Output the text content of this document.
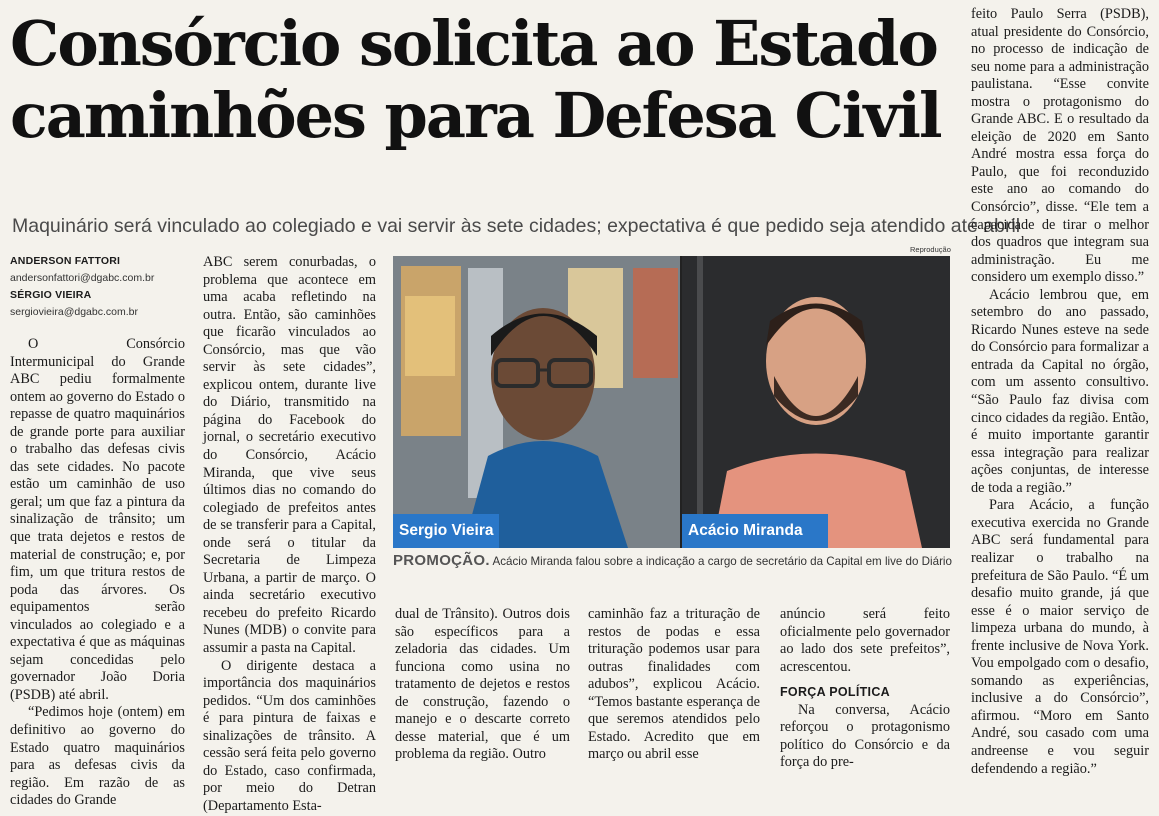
Consórcio solicita ao Estado
caminhões para Defesa Civil
Maquinário será vinculado ao colegiado e vai servir às sete cidades; expectativa é que pedido seja atendido até abril
ANDERSON FATTORI
andersonfattori@dgabc.com.br
SÉRGIO VIEIRA
sergiovieira@dgabc.com.br

O Consórcio Intermunicipal do Grande ABC pediu formalmente ontem ao governo do Estado o repasse de quatro maquinários de grande porte para auxiliar o trabalho das defesas civis das sete cidades. No pacote estão um caminhão de uso geral; um que faz a pintura da sinalização de trânsito; um que trata dejetos e restos de material de construção; e, por fim, um que tritura restos de poda das árvores. Os equipamentos serão vinculados ao colegiado e a expectativa é que as máquinas sejam concedidas pelo governador João Doria (PSDB) até abril.

“Pedimos hoje (ontem) em definitivo ao governo do Estado quatro maquinários para as defesas civis da região. Em razão de as cidades do Grande

ABC serem conurbadas, o problema que acontece em uma acaba refletindo na outra. Então, são caminhões que ficarão vinculados ao Consórcio, mas que vão servir às sete cidades”, explicou ontem, durante live do Diário, transmitido na página do Facebook do jornal, o secretário executivo do Consórcio, Acácio Miranda, que vive seus últimos dias no comando do colegiado de prefeitos antes de se transferir para a Capital, onde será o titular da Secretaria de Limpeza Urbana, a partir de março. O ainda secretário executivo recebeu do prefeito Ricardo Nunes (MDB) o convite para assumir a pasta na Capital.

O dirigente destaca a importância dos maquinários pedidos. “Um dos caminhões é para pintura de faixas e sinalizações de trânsito. A cessão será feita pelo governo do Estado, caso confirmada, por meio do Detran (Departamento Esta-

Reprodução
Sergio Vieira	Acácio Miranda
PROMOÇÃO. Acácio Miranda falou sobre a indicação a cargo de secretário da Capital em live do Diário

dual de Trânsito). Outros dois são específicos para a zeladoria das cidades. Um funciona como usina no tratamento de dejetos e restos de construção, fazendo o manejo e o descarte correto desse material, que é um problema da região. Outro

caminhão faz a trituração de restos de podas e essa trituração podemos usar para outras finalidades com adubos”, explicou Acácio. “Temos bastante esperança de que seremos atendidos pelo Estado. Acredito que em março ou abril esse

anúncio será feito oficialmente pelo governador ao lado dos sete prefeitos”, acrescentou.

FORÇA POLÍTICA

Na conversa, Acácio reforçou o protagonismo político do Consórcio e da força do pre-

feito Paulo Serra (PSDB), atual presidente do Consórcio, no processo de indicação de seu nome para a administração paulistana. “Esse convite mostra o protagonismo do Grande ABC. E o resultado da eleição de 2020 em Santo André mostra essa força do Paulo, que foi reconduzido este ano ao comando do Consórcio”, disse. “Ele tem a capacidade de tirar o melhor dos quadros que integram sua administração. Eu me considero um exemplo disso.”

Acácio lembrou que, em setembro do ano passado, Ricardo Nunes esteve na sede do Consórcio para formalizar a entrada da Capital no órgão, com um assento consultivo. “São Paulo faz divisa com cinco cidades da região. Então, é muito importante garantir essa integração para realizar ações conjuntas, de interesse de toda a região.”

Para Acácio, a função executiva exercida no Grande ABC será fundamental para realizar o trabalho na prefeitura de São Paulo. “É um desafio muito grande, já que esse é o maior serviço de limpeza urbana do mundo, à frente inclusive de Nova York. Vou empolgado com o desafio, somando as experiências, inclusive a do Consórcio”, afirmou. “Moro em Santo André, sou casado com uma andreense e vou seguir defendendo a região.”
